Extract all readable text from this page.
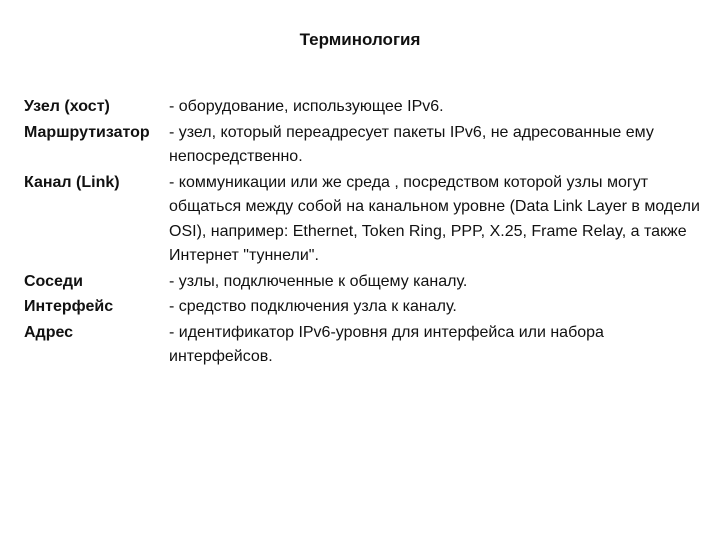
Терминология
Узел (хост)	- оборудование, использующее IPv6.
Маршрутизатор	- узел, который переадресует пакеты IPv6, не адресованные ему непосредственно.
Канал (Link)	- коммуникации или же среда , посредством которой узлы могут общаться между собой на канальном уровне (Data Link Layer в модели OSI), например: Ethernet, Token Ring, PPP, X.25, Frame Relay, а также Интернет "туннели".
Соседи	- узлы, подключенные к общему каналу.
Интерфейс	- средство подключения узла к каналу.
Адрес	- идентификатор IPv6-уровня для интерфейса или набора интерфейсов.
